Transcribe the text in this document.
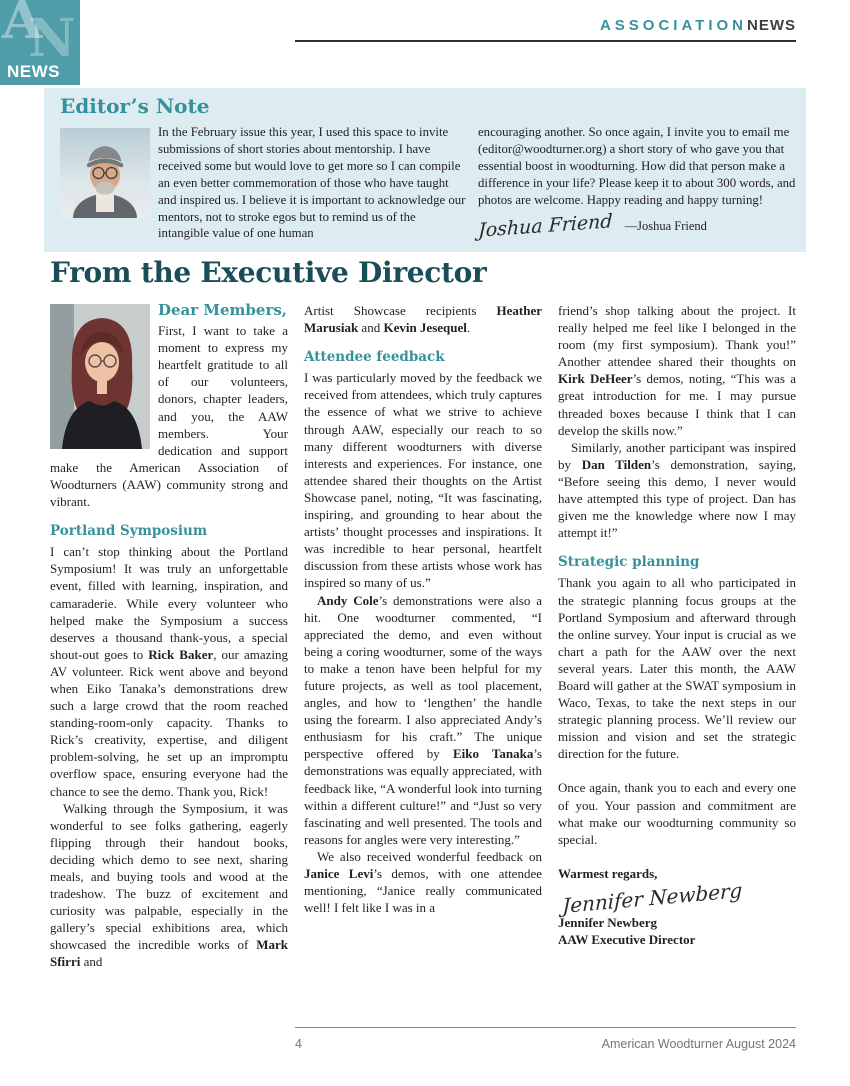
A
N
NEWS
ASSOCIATIONNEWS
Editor’s Note

In the February issue this year, I used this space to invite submissions of short stories about mentorship. I have received some but would love to get more so I can compile an even better commemoration of those who have taught and inspired us. I believe it is important to acknowledge our mentors, not to stroke egos but to remind us of the intangible value of one human

encouraging another. So once again, I invite you to email me (editor@woodturner.org) a short story of who gave you that essential boost in woodturning. How did that person make a difference in your life? Please keep it to about 300 words, and photos are welcome. Happy reading and happy turning!

Joshua Friend —Joshua Friend
From the Executive Director

Dear Members,

First, I want to take a moment to express my heartfelt gratitude to all of our volunteers, donors, chapter leaders, and you, the AAW members. Your dedication and support make the American Association of Woodturners (AAW) community strong and vibrant.

Portland Symposium

I can’t stop thinking about the Portland Symposium! It was truly an unforgettable event, filled with learning, inspiration, and camaraderie. While every volunteer who helped make the Symposium a success deserves a thousand thank-yous, a special shout-out goes to Rick Baker, our amazing AV volunteer. Rick went above and beyond when Eiko Tanaka’s demonstrations drew such a large crowd that the room reached standing-room-only capacity. Thanks to Rick’s creativity, expertise, and diligent problem-solving, he set up an impromptu overflow space, ensuring everyone had the chance to see the demo. Thank you, Rick!

Walking through the Symposium, it was wonderful to see folks gathering, eagerly flipping through their handout books, deciding which demo to see next, sharing meals, and buying tools and wood at the tradeshow. The buzz of excitement and curiosity was palpable, especially in the gallery’s special exhibitions area, which showcased the incredible works of Mark Sfirri and

Artist Showcase recipients Heather Marusiak and Kevin Jesequel.

Attendee feedback

I was particularly moved by the feedback we received from attendees, which truly captures the essence of what we strive to achieve through AAW, especially our reach to so many different woodturners with diverse interests and experiences. For instance, one attendee shared their thoughts on the Artist Showcase panel, noting, “It was fascinating, inspiring, and grounding to hear about the artists’ thought processes and inspirations. It was incredible to hear personal, heartfelt discussion from these artists whose work has inspired so many of us.”

Andy Cole’s demonstrations were also a hit. One woodturner commented, “I appreciated the demo, and even without being a coring woodturner, some of the ways to make a tenon have been helpful for my future projects, as well as tool placement, angles, and how to ‘lengthen’ the handle using the forearm. I also appreciated Andy’s enthusiasm for his craft.” The unique perspective offered by Eiko Tanaka’s demonstrations was equally appreciated, with feedback like, “A wonderful look into turning within a different culture!” and “Just so very fascinating and well presented. The tools and reasons for angles were very interesting.”

We also received wonderful feedback on Janice Levi’s demos, with one attendee mentioning, “Janice really communicated well! I felt like I was in a

friend’s shop talking about the project. It really helped me feel like I belonged in the room (my first symposium). Thank you!” Another attendee shared their thoughts on Kirk DeHeer’s demos, noting, “This was a great introduction for me. I may pursue threaded boxes because I think that I can develop the skills now.”

Similarly, another participant was inspired by Dan Tilden’s demonstration, saying, “Before seeing this demo, I never would have attempted this type of project. Dan has given me the knowledge where now I may attempt it!”

Strategic planning

Thank you again to all who participated in the strategic planning focus groups at the Portland Symposium and afterward through the online survey. Your input is crucial as we chart a path for the AAW over the next several years. Later this month, the AAW Board will gather at the SWAT symposium in Waco, Texas, to take the next steps in our strategic planning process. We’ll review our mission and vision and set the strategic direction for the future.

Once again, thank you to each and every one of you. Your passion and commitment are what make our woodturning community so special.

Warmest regards,

Jennifer Newberg

Jennifer Newberg

AAW Executive Director

4	American Woodturner August 2024
